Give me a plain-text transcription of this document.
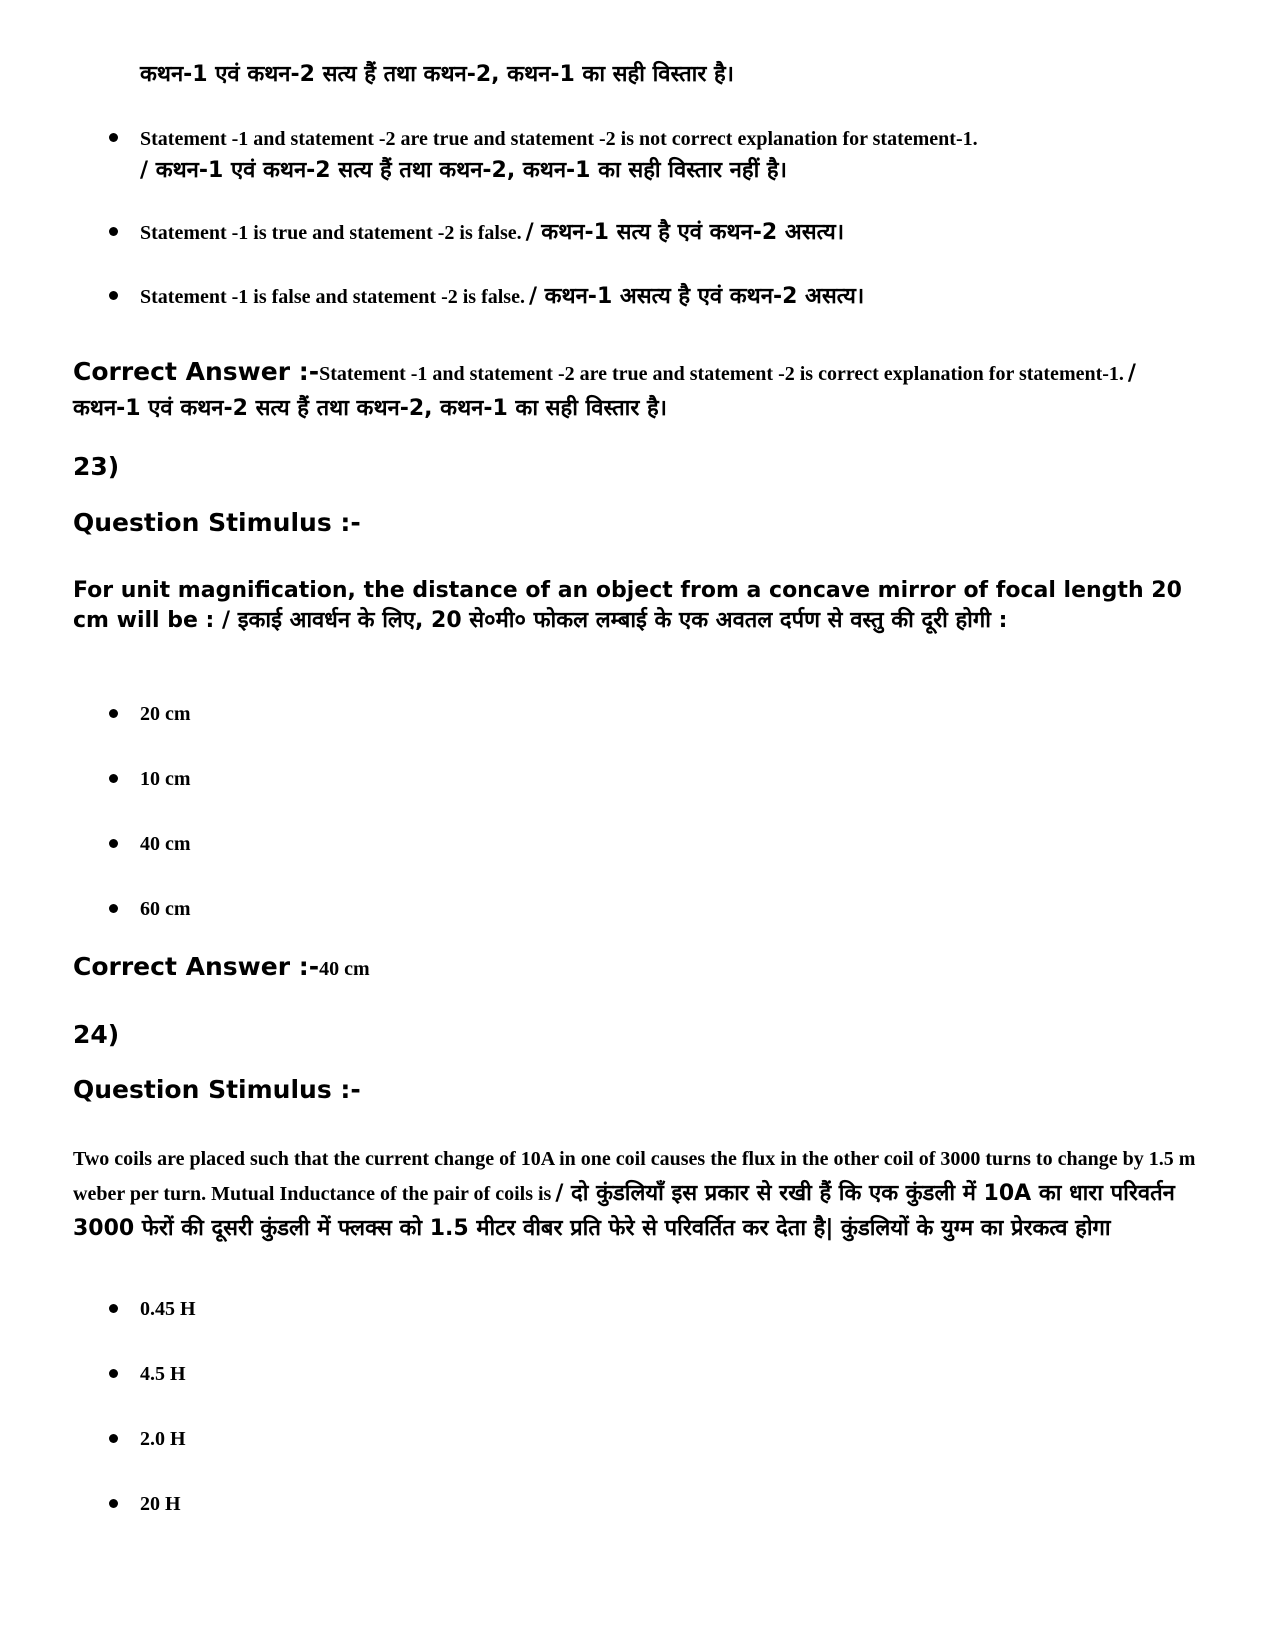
कथन-1 एवं कथन-2 सत्य हैं तथा कथन-2, कथन-1 का सही विस्तार है।
Statement -1 and statement -2 are true and statement -2 is not correct explanation for statement-1.
/ कथन-1 एवं कथन-2 सत्य हैं तथा कथन-2, कथन-1 का सही विस्तार नहीं है।
Statement -1 is true and statement -2 is false. / कथन-1 सत्य है एवं कथन-2 असत्य।
Statement -1 is false and statement -2 is false. / कथन-1 असत्य है एवं कथन-2 असत्य।
Correct Answer :-Statement -1 and statement -2 are true and statement -2 is correct explanation for statement-1. / कथन-1 एवं कथन-2 सत्य हैं तथा कथन-2, कथन-1 का सही विस्तार है।
23)
Question Stimulus :-
For unit magnification, the distance of an object from a concave mirror of focal length 20 cm will be : / इकाई आवर्धन के लिए, 20 से०मी० फोकल लम्बाई के एक अवतल दर्पण से वस्तु की दूरी होगी :
20 cm
10 cm
40 cm
60 cm
Correct Answer :-40 cm
24)
Question Stimulus :-
Two coils are placed such that the current change of 10A in one coil causes the flux in the other coil of 3000 turns to change by 1.5 m weber per turn. Mutual Inductance of the pair of coils is / दो कुंडलियाँ इस प्रकार से रखी हैं कि एक कुंडली में 10A का धारा परिवर्तन 3000 फेरों की दूसरी कुंडली में फ्लक्स को 1.5 मीटर वीबर प्रति फेरे से परिवर्तित कर देता है| कुंडलियों के युग्म का प्रेरकत्व होगा
0.45 H
4.5 H
2.0 H
20 H
